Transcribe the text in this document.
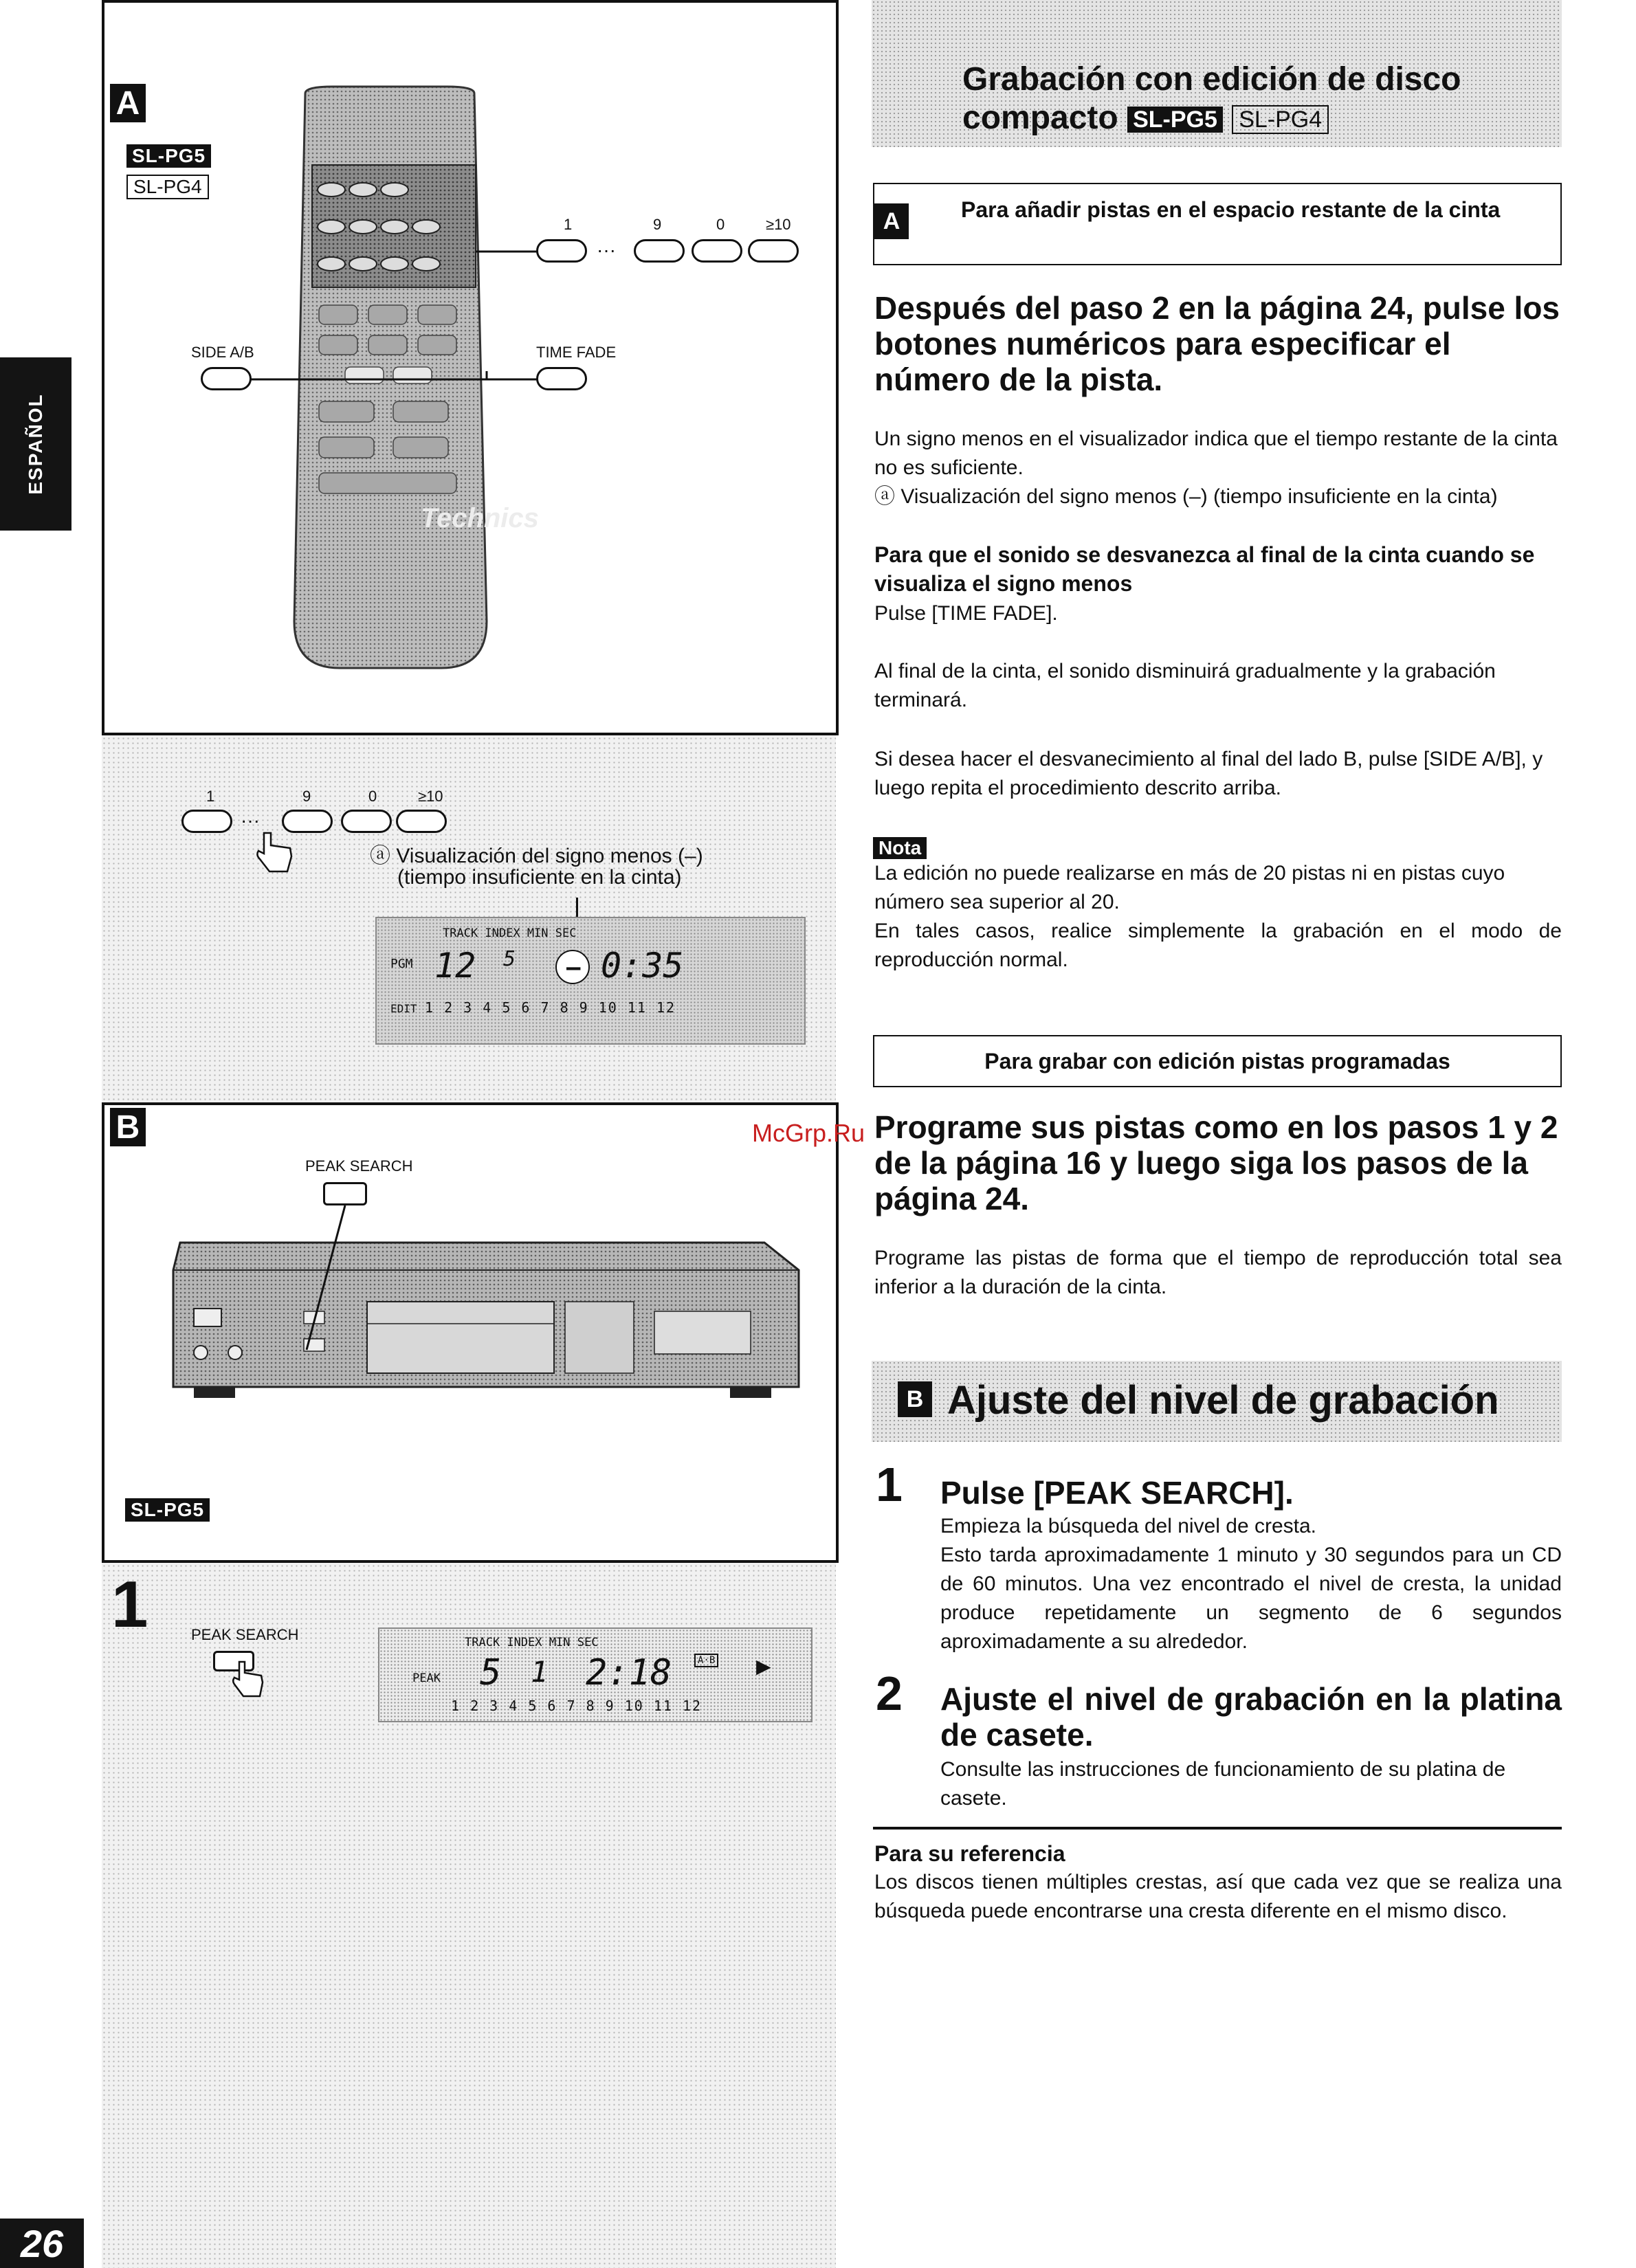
ESPAÑOL
26
A
SL-PG5
SL-PG4
Technics
1	9	0	≥10
···
SIDE A/B	TIME FADE
1	9	0	≥10
···
ⓐ Visualización del signo menos (–)
(tiempo insuficiente en la cinta)
TRACK INDEX MIN SEC
PGM 12 5 – 0:35
EDIT 1 2 3 4 5 6 7 8 9 10 11 12
B
PEAK SEARCH
SL-PG5
1	PEAK SEARCH	TRACK INDEX MIN SEC
PEAK 5 1 2:18	A·B ▶
1 2 3 4 5 6 7 8 9 10 11 12
Grabación con edición de disco
compacto SL-PG5 SL-PG4
A	Para añadir pistas en el espacio restante de la cinta
Después del paso 2 en la página 24, pulse los botones numéricos para especificar el número de la pista.

Un signo menos en el visualizador indica que el tiempo restante de la cinta no es suficiente.

ⓐ Visualización del signo menos (–) (tiempo insuficiente en la cinta)

Para que el sonido se desvanezca al final de la cinta cuando se visualiza el signo menos
Pulse [TIME FADE].
Al final de la cinta, el sonido disminuirá gradualmente y la grabación terminará.
Si desea hacer el desvanecimiento al final del lado B, pulse [SIDE A/B], y luego repita el procedimiento descrito arriba.
Nota

La edición no puede realizarse en más de 20 pistas ni en pistas cuyo número sea superior al 20.

En tales casos, realice simplemente la grabación en el modo de reproducción normal.

Para grabar con edición pistas programadas
McGrp.Ru Programe sus pistas como en los pasos 1 y 2 de la página 16 y luego siga los pasos de la página 24.
Programe las pistas de forma que el tiempo de reproducción total sea inferior a la duración de la cinta.
B Ajuste del nivel de grabación
1 Pulse [PEAK SEARCH].

Empieza la búsqueda del nivel de cresta.

Esto tarda aproximadamente 1 minuto y 30 segundos para un CD de 60 minutos. Una vez encontrado el nivel de cresta, la unidad produce repetidamente un segmento de 6 segundos aproximadamente a su alrededor.

2 Ajuste el nivel de grabación en la platina de casete.
Consulte las instrucciones de funcionamiento de su platina de casete.
Para su referencia
Los discos tienen múltiples crestas, así que cada vez que se realiza una búsqueda puede encontrarse una cresta diferente en el mismo disco.
